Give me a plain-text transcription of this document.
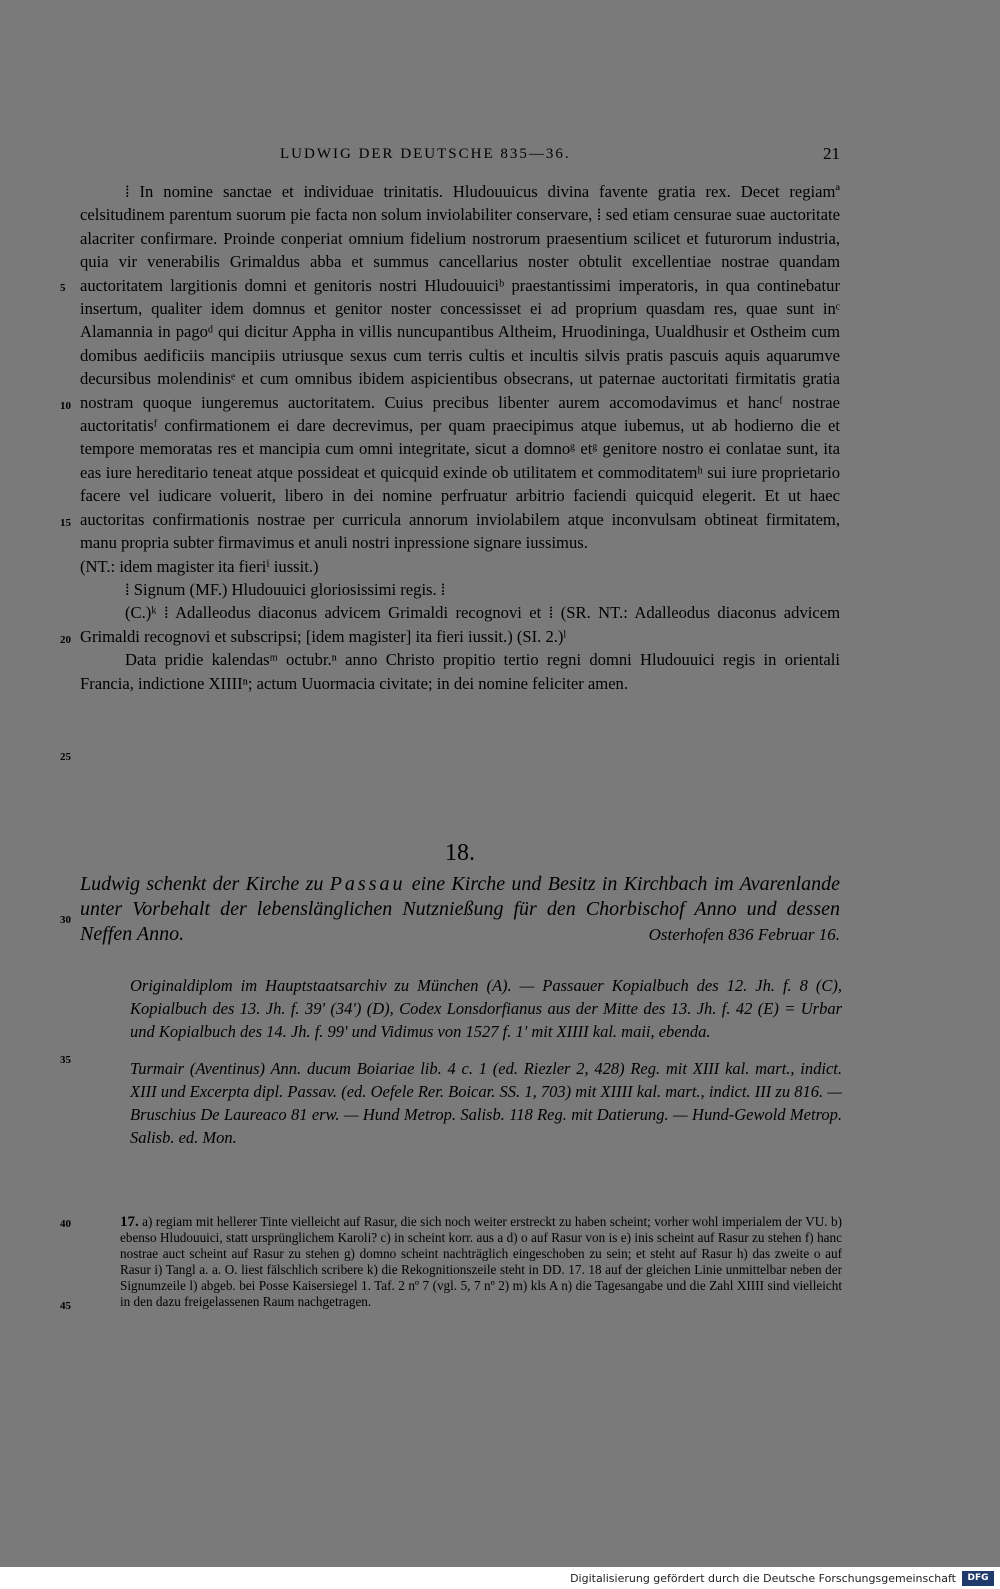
LUDWIG DER DEUTSCHE 835—36.	21
5
10
15
20
25
30
35
40
45

⁞ In nomine sanctae et individuae trinitatis. Hludouuicus divina favente gratia rex. Decet regiamª celsitudinem parentum suorum pie facta non solum inviolabiliter conservare, ⁞ sed etiam censurae suae auctoritate alacriter confirmare. Proinde conperiat omnium fidelium nostrorum praesentium scilicet et futurorum industria, quia vir venerabilis Grimaldus abba et summus cancellarius noster obtulit excellentiae nostrae quandam auctoritatem largitionis domni et genitoris nostri Hludouuiciᵇ praestantissimi imperatoris, in qua continebatur insertum, qualiter idem domnus et genitor noster concessisset ei ad proprium quasdam res, quae sunt inᶜ Alamannia in pagoᵈ qui dicitur Appha in villis nuncupantibus Altheim, Hruodininga, Uualdhusir et Ostheim cum domibus aedificiis mancipiis utriusque sexus cum terris cultis et incultis silvis pratis pascuis aquis aquarumve decursibus molendinisᵉ et cum omnibus ibidem aspicientibus obsecrans, ut paternae auctoritati firmitatis gratia nostram quoque iungeremus auctoritatem. Cuius precibus libenter aurem accomodavimus et hancᶠ nostrae auctoritatisᶠ confirmationem ei dare decrevimus, per quam praecipimus atque iubemus, ut ab hodierno die et tempore memoratas res et mancipia cum omni integritate, sicut a domnoᵍ etᵍ genitore nostro ei conlatae sunt, ita eas iure hereditario teneat atque possideat et quicquid exinde ob utilitatem et commoditatemʰ sui iure proprietario facere vel iudicare voluerit, libero in dei nomine perfruatur arbitrio faciendi quicquid elegerit. Et ut haec auctoritas confirmationis nostrae per curricula annorum inviolabilem atque inconvulsam obtineat firmitatem, manu propria subter firmavimus et anuli nostri inpressione signare iussimus.

(NT.: idem magister ita fieriⁱ iussit.)

⁞ Signum (MF.) Hludouuici gloriosissimi regis. ⁞

(C.)ᵏ ⁞ Adalleodus diaconus advicem Grimaldi recognovi et ⁞ (SR. NT.: Adalleodus diaconus advicem Grimaldi recognovi et subscripsi; [idem magister] ita fieri iussit.) (SI. 2.)ˡ

Data pridie kalendasᵐ octubr.ⁿ anno Christo propitio tertio regni domni Hludouuici regis in orientali Francia, indictione XIIIIⁿ; actum Uuormacia civitate; in dei nomine feliciter amen.

18.

Ludwig schenkt der Kirche zu Passau eine Kirche und Besitz in Kirchbach im Avarenlande unter Vorbehalt der lebenslänglichen Nutznießung für den Chorbischof Anno und dessen Neffen Anno.	Osterhofen 836 Februar 16.

Originaldiplom im Hauptstaatsarchiv zu München (A). — Passauer Kopialbuch des 12. Jh. f. 8 (C), Kopialbuch des 13. Jh. f. 39' (34') (D), Codex Lonsdorfianus aus der Mitte des 13. Jh. f. 42 (E) = Urbar und Kopialbuch des 14. Jh. f. 99' und Vidimus von 1527 f. 1' mit XIIII kal. maii, ebenda.

Turmair (Aventinus) Ann. ducum Boiariae lib. 4 c. 1 (ed. Riezler 2, 428) Reg. mit XIII kal. mart., indict. XIII und Excerpta dipl. Passav. (ed. Oefele Rer. Boicar. SS. 1, 703) mit XIIII kal. mart., indict. III zu 816. — Bruschius De Laureaco 81 erw. — Hund Metrop. Salisb. 118 Reg. mit Datierung. — Hund-Gewold Metrop. Salisb. ed. Mon.

17. a) regiam mit hellerer Tinte vielleicht auf Rasur, die sich noch weiter erstreckt zu haben scheint; vorher wohl imperialem der VU. b) ebenso Hludouuici, statt ursprünglichem Karoli? c) in scheint korr. aus a d) o auf Rasur von is e) inis scheint auf Rasur zu stehen f) hanc nostrae auct scheint auf Rasur zu stehen g) domno scheint nachträglich eingeschoben zu sein; et steht auf Rasur h) das zweite o auf Rasur i) Tangl a. a. O. liest fälschlich scribere k) die Rekognitionszeile steht in DD. 17. 18 auf der gleichen Linie unmittelbar neben der Signumzeile l) abgeb. bei Posse Kaisersiegel 1. Taf. 2 nº 7 (vgl. 5, 7 nº 2) m) kls A n) die Tagesangabe und die Zahl XIIII sind vielleicht in den dazu freigelassenen Raum nachgetragen.

Digitalisierung gefördert durch die Deutsche Forschungsgemeinschaft	DFG
